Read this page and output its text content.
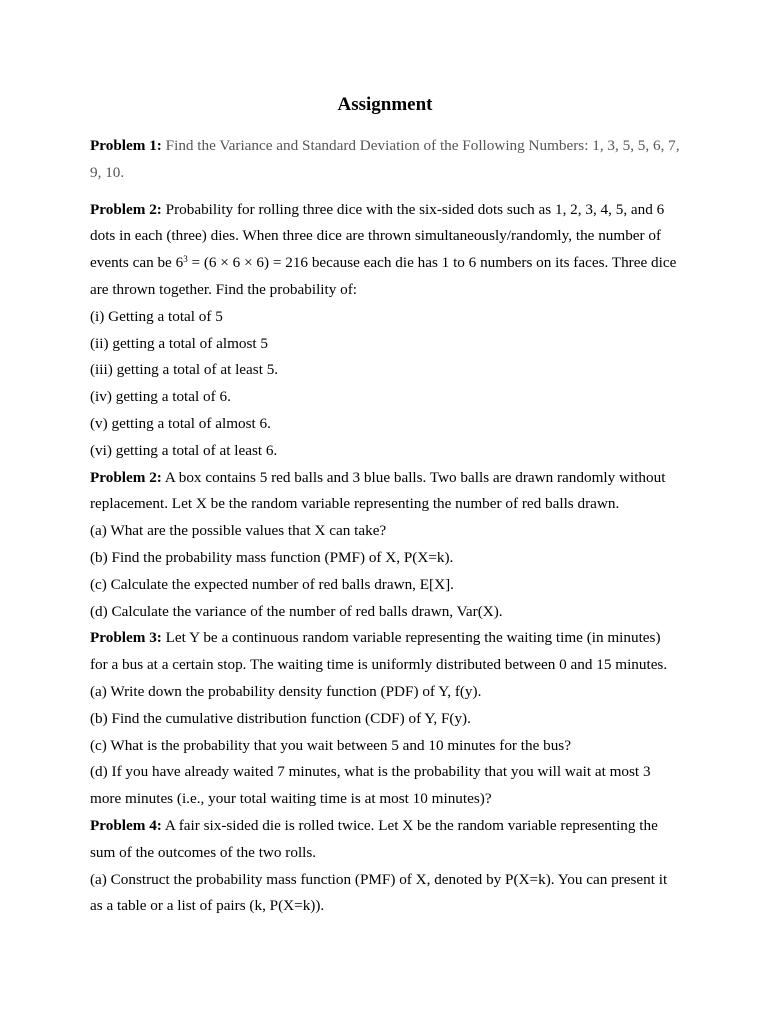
Assignment

Problem 1: Find the Variance and Standard Deviation of the Following Numbers: 1, 3, 5, 5, 6, 7, 9, 10.

Problem 2: Probability for rolling three dice with the six-sided dots such as 1, 2, 3, 4, 5, and 6 dots in each (three) dies. When three dice are thrown simultaneously/randomly, the number of events can be $6^3 = (6 \times 6 \times 6) = 216$ because each die has 1 to 6 numbers on its faces. Three dice are thrown together. Find the probability of:

(i) Getting a total of 5

(ii) getting a total of almost 5

(iii) getting a total of at least 5.

(iv) getting a total of 6.

(v) getting a total of almost 6.

(vi) getting a total of at least 6.

Problem 2: A box contains 5 red balls and 3 blue balls. Two balls are drawn randomly without replacement. Let X be the random variable representing the number of red balls drawn.

(a) What are the possible values that X can take?

(b) Find the probability mass function (PMF) of X, P(X=k).

(c) Calculate the expected number of red balls drawn, E[X].

(d) Calculate the variance of the number of red balls drawn, Var(X).

Problem 3: Let Y be a continuous random variable representing the waiting time (in minutes) for a bus at a certain stop. The waiting time is uniformly distributed between 0 and 15 minutes.

(a) Write down the probability density function (PDF) of Y, f(y).

(b) Find the cumulative distribution function (CDF) of Y, F(y).

(c) What is the probability that you wait between 5 and 10 minutes for the bus?

(d) If you have already waited 7 minutes, what is the probability that you will wait at most 3 more minutes (i.e., your total waiting time is at most 10 minutes)?

Problem 4: A fair six-sided die is rolled twice. Let X be the random variable representing the sum of the outcomes of the two rolls.

(a) Construct the probability mass function (PMF) of X, denoted by P(X=k). You can present it as a table or a list of pairs (k, P(X=k)).
